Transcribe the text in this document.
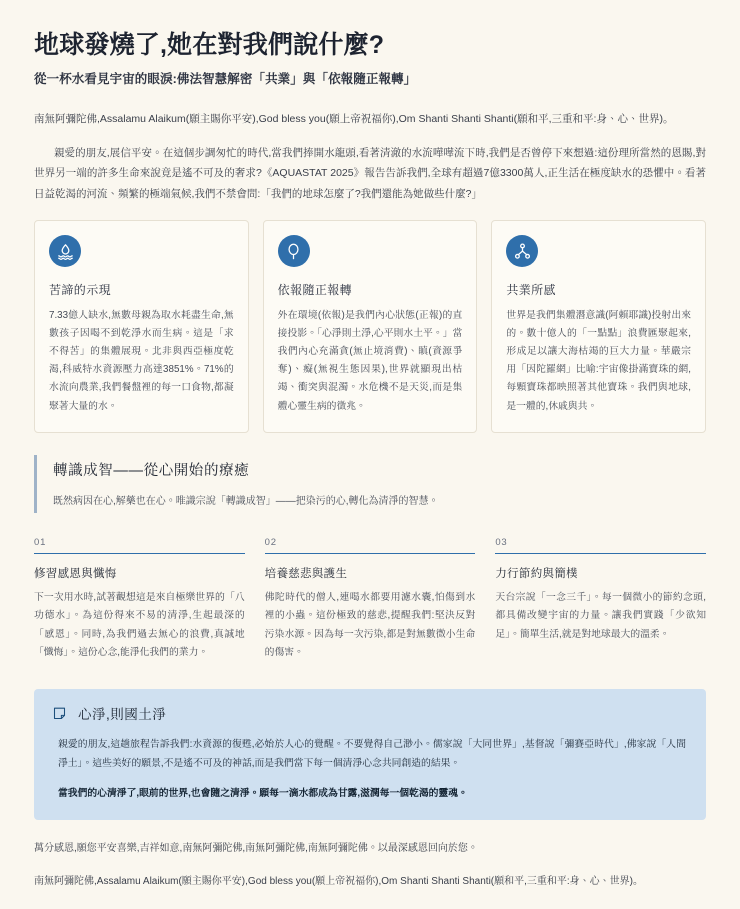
地球發燒了,她在對我們說什麼?
從一杯水看見宇宙的眼淚:佛法智慧解密「共業」與「依報隨正報轉」

南無阿彌陀佛,Assalamu Alaikum(願主賜你平安),God bless you(願上帝祝福你),Om Shanti Shanti Shanti(願和平,三重和平:身、心、世界)。

親愛的朋友,展信平安。在這個步調匆忙的時代,當我們捧開水龍頭,看著清澈的水流嘩嘩流下時,我們是否曾停下來想過:這份理所當然的恩賜,對世界另一端的許多生命來說竟是遙不可及的奢求?《AQUASTAT 2025》報告告訴我們,全球有超過7億3300萬人,正生活在極度缺水的恐懼中。看著日益乾渴的河流、頻繁的極端氣候,我們不禁會問:「我們的地球怎麼了?我們還能為她做些什麼?」

苦諦的示現

7.33億人缺水,無數母親為取水耗盡生命,無數孩子因喝不到乾淨水而生病。這是「求不得苦」的集體展現。北非與西亞極度乾渴,科威特水資源壓力高達3851%。71%的水流向農業,我們餐盤裡的每一口食物,都凝聚著大量的水。

依報隨正報轉

外在環境(依報)是我們內心狀態(正報)的直接投影。「心淨則土淨,心平則水土平。」當我們內心充滿貪(無止境消費)、瞋(資源爭奪)、癡(無視生態因果),世界就顯現出枯竭、衝突與混濁。水危機不是天災,而是集體心靈生病的徵兆。

共業所感

世界是我們集體潛意識(阿賴耶識)投射出來的。數十億人的「一點點」浪費匯聚起來,形成足以讓大海枯竭的巨大力量。華嚴宗用「因陀羅網」比喻:宇宙像掛滿寶珠的網,每顆寶珠都映照著其他寶珠。我們與地球,是一體的,休戚與共。

轉識成智——從心開始的療癒

既然病因在心,解藥也在心。唯識宗說「轉識成智」——把染污的心,轉化為清淨的智慧。

01
修習感恩與懺悔

下一次用水時,試著觀想這是來自極樂世界的「八功德水」。為這份得來不易的清淨,生起最深的「感恩」。同時,為我們過去無心的浪費,真誠地「懺悔」。這份心念,能淨化我們的業力。

02
培養慈悲與護生

佛陀時代的僧人,連喝水都要用濾水囊,怕傷到水裡的小蟲。這份極致的慈悲,提醒我們:堅決反對污染水源。因為每一次污染,都是對無數微小生命的傷害。

03
力行節約與簡樸

天台宗說「一念三千」。每一個微小的節約念頭,都具備改變宇宙的力量。讓我們實踐「少欲知足」。簡單生活,就是對地球最大的溫柔。

心淨,則國土淨

親愛的朋友,這趟旅程告訴我們:水資源的復甦,必始於人心的覺醒。不要覺得自己渺小。儒家說「大同世界」,基督說「彌賽亞時代」,佛家說「人間淨土」。這些美好的願景,不是遙不可及的神話,而是我們當下每一個清淨心念共同創造的結果。

當我們的心清淨了,眼前的世界,也會隨之清淨。願每一滴水都成為甘露,滋潤每一個乾渴的靈魂。

萬分感恩,願您平安喜樂,吉祥如意,南無阿彌陀佛,南無阿彌陀佛,南無阿彌陀佛。以最深感恩回向於您。

南無阿彌陀佛,Assalamu Alaikum(願主賜你平安),God bless you(願上帝祝福你),Om Shanti Shanti Shanti(願和平,三重和平:身、心、世界)。
